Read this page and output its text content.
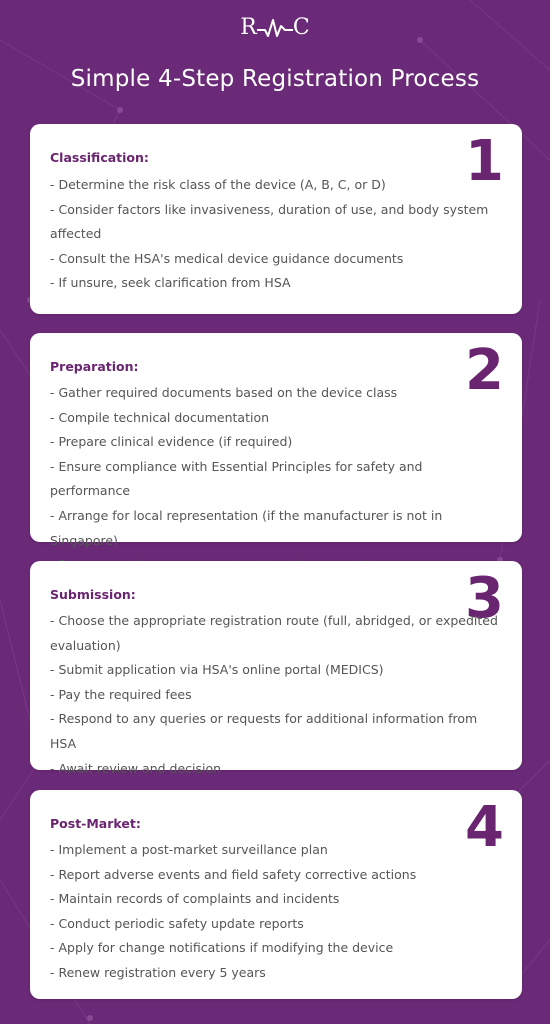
R C
Simple 4-Step Registration Process
Classification:	1
- Determine the risk class of the device (A, B, C, or D)
- Consider factors like invasiveness, duration of use, and body system
affected
- Consult the HSA's medical device guidance documents
- If unsure, seek clarification from HSA
Preparation:	2
- Gather required documents based on the device class
- Compile technical documentation
- Prepare clinical evidence (if required)
- Ensure compliance with Essential Principles for safety and performance
- Arrange for local representation (if the manufacturer is not in Singapore)
Submission:	3
- Choose the appropriate registration route (full, abridged, or expedited
evaluation)
- Submit application via HSA's online portal (MEDICS)
- Pay the required fees
- Respond to any queries or requests for additional information from HSA
- Await review and decision
Post-Market:	4
- Implement a post-market surveillance plan
- Report adverse events and field safety corrective actions
- Maintain records of complaints and incidents
- Conduct periodic safety update reports
- Apply for change notifications if modifying the device
- Renew registration every 5 years
